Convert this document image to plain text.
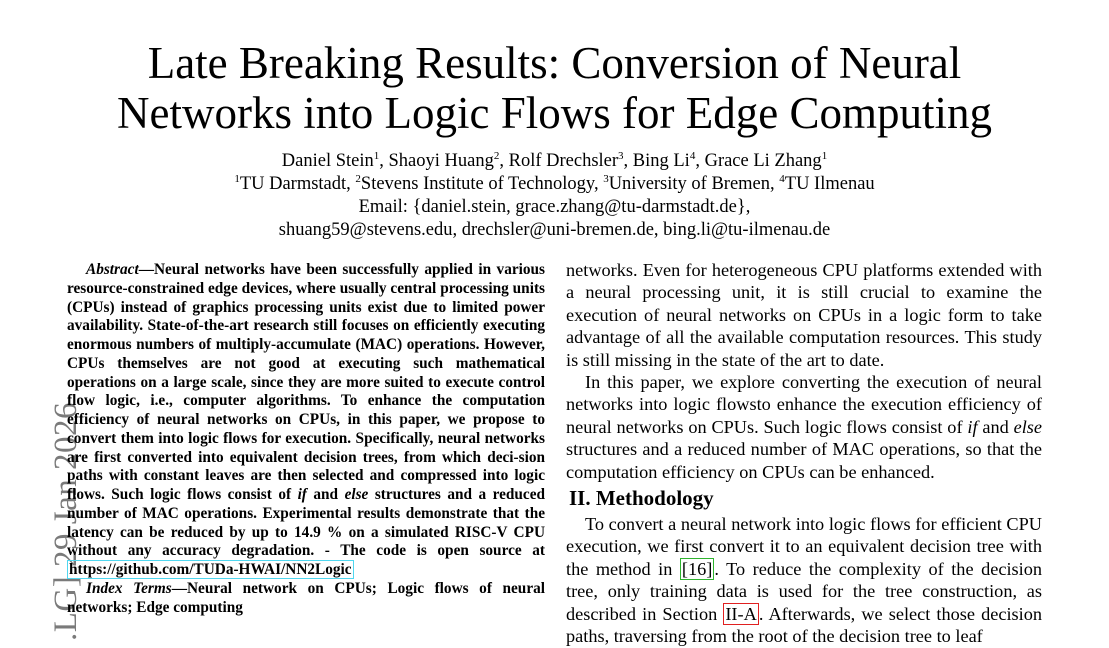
Late Breaking Results: Conversion of Neural
Networks into Logic Flows for Edge Computing
Daniel Stein$^1$, Shaoyi Huang$^2$, Rolf Drechsler$^3$, Bing Li$^4$, Grace Li Zhang$^1$
$^1$TU Darmstadt, $^2$Stevens Institute of Technology, $^3$University of Bremen, $^4$TU Ilmenau
Email: {daniel.stein, grace.zhang@tu-darmstadt.de},
shuang59@stevens.edu, drechsler@uni-bremen.de, bing.li@tu-ilmenau.de
.LG] 29 Jan 2026

Abstract—Neural networks have been successfully applied in various resource-constrained edge devices, where usually central processing units (CPUs) instead of graphics processing units exist due to limited power availability. State-of-the-art research still focuses on efficiently executing enormous numbers of multiply-accumulate (MAC) operations. However, CPUs themselves are not good at executing such mathematical operations on a large scale, since they are more suited to execute control flow logic, i.e., computer algorithms. To enhance the computation efficiency of neural networks on CPUs, in this paper, we propose to convert them into logic flows for execution. Specifically, neural networks are first converted into equivalent decision trees, from which deci-sion paths with constant leaves are then selected and compressed into logic flows. Such logic flows consist of if and else structures and a reduced number of MAC operations. Experimental results demonstrate that the latency can be reduced by up to 14.9 % on a simulated RISC-V CPU without any accuracy degradation. - The code is open source at https://github.com/TUDa-HWAI/NN2Logic

Index Terms—Neural network on CPUs; Logic flows of neural networks; Edge computing

networks. Even for heterogeneous CPU platforms extended with a neural processing unit, it is still crucial to examine the execution of neural networks on CPUs in a logic form to take advantage of all the available computation resources. This study is still missing in the state of the art to date.

In this paper, we explore converting the execution of neural networks into logic flowsto enhance the execution efficiency of neural networks on CPUs. Such logic flows consist of if and else structures and a reduced number of MAC operations, so that the computation efficiency on CPUs can be enhanced.

II. Methodology

To convert a neural network into logic flows for efficient CPU execution, we first convert it to an equivalent decision tree with the method in [16] . To reduce the complexity of the decision tree, only training data is used for the tree construction, as described in Section II-A . Afterwards, we select those decision paths, traversing from the root of the decision tree to leaf
